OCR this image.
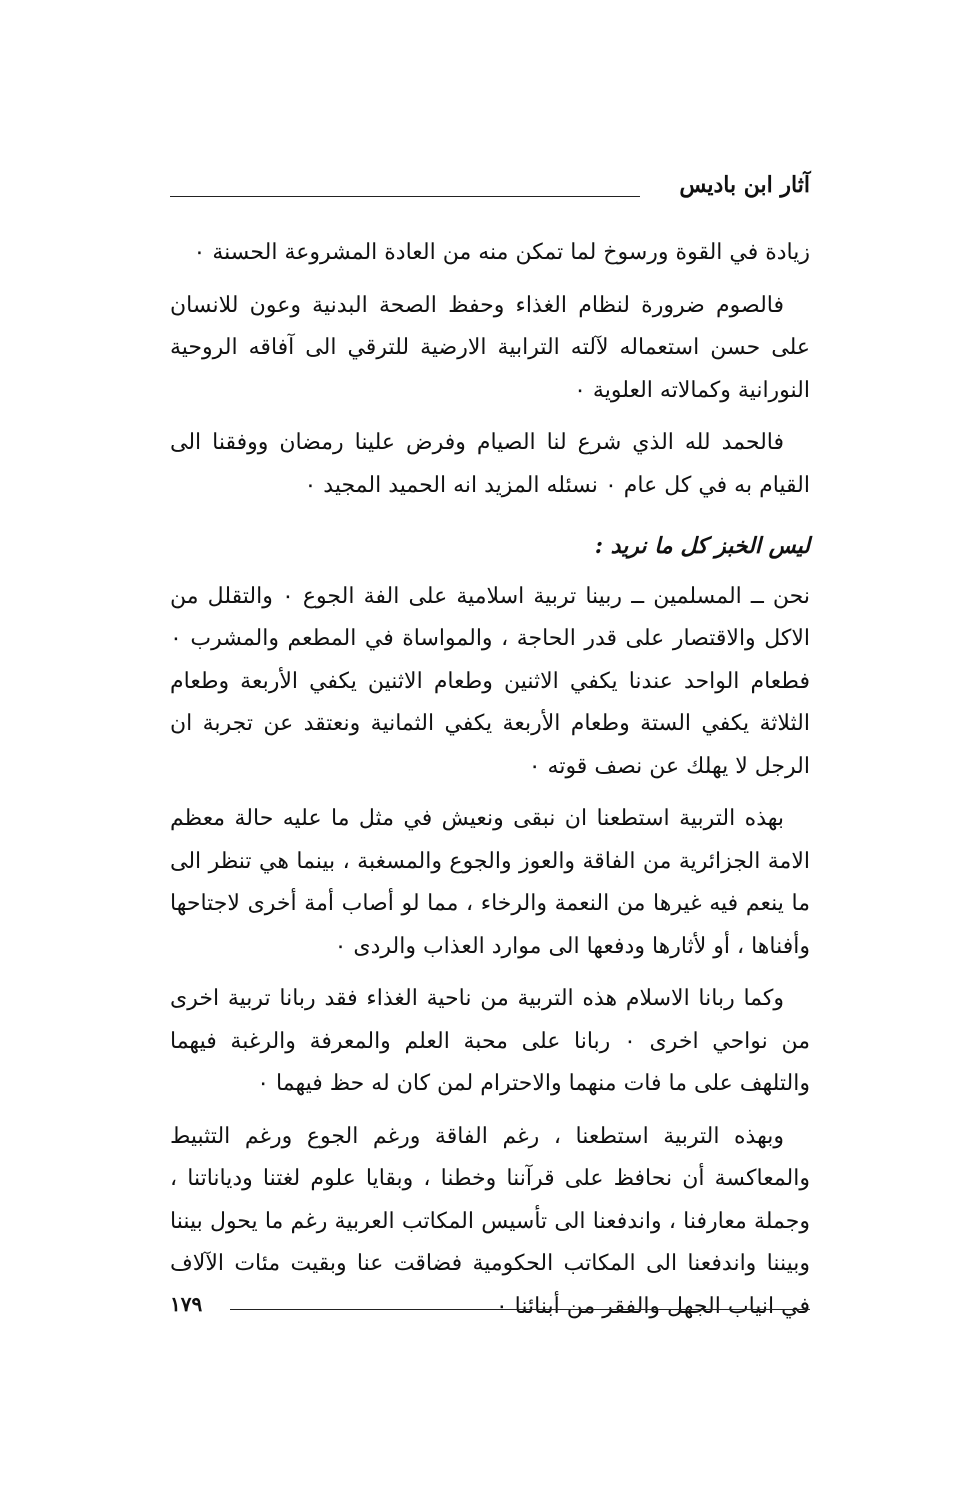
آثار ابن باديس

زيادة في القوة ورسوخ لما تمكن منه من العادة المشروعة الحسنة ٠

فالصوم ضرورة لنظام الغذاء وحفظ الصحة البدنية وعون للانسان على حسن استعماله لآلته الترابية الارضية للترقي الى آفاقه الروحية النورانية وكمالاته العلوية ٠

فالحمد لله الذي شرع لنا الصيام وفرض علينا رمضان ووفقنا الى القيام به في كل عام ٠ نسئله المزيد انه الحميد المجيد ٠

ليس الخبز كل ما نريد :

نحن ــ المسلمين ــ ربينا تربية اسلامية على الفة الجوع ٠ والتقلل من الاكل والاقتصار على قدر الحاجة ، والمواساة في المطعم والمشرب ٠ فطعام الواحد عندنا يكفي الاثنين وطعام الاثنين يكفي الأربعة وطعام الثلاثة يكفي الستة وطعام الأربعة يكفي الثمانية ونعتقد عن تجربة ان الرجل لا يهلك عن نصف قوته ٠

بهذه التربية استطعنا ان نبقى ونعيش في مثل ما عليه حالة معظم الامة الجزائرية من الفاقة والعوز والجوع والمسغبة ، بينما هي تنظر الى ما ينعم فيه غيرها من النعمة والرخاء ، مما لو أصاب أمة أخرى لاجتاحها وأفناها ، أو لأثارها ودفعها الى موارد العذاب والردى ٠

وكما ربانا الاسلام هذه التربية من ناحية الغذاء فقد ربانا تربية اخرى من نواحي اخرى ٠ ربانا على محبة العلم والمعرفة والرغبة فيهما والتلهف على ما فات منهما والاحترام لمن كان له حظ فيهما ٠

وبهذه التربية استطعنا ، رغم الفاقة ورغم الجوع ورغم التثبيط والمعاكسة أن نحافظ على قرآننا وخطنا ، وبقايا علوم لغتنا ودياناتنا ، وجملة معارفنا ، واندفعنا الى تأسيس المكاتب العربية رغم ما يحول بيننا وبيننا واندفعنا الى المكاتب الحكومية فضاقت عنا وبقيت مئات الآلاف في انياب الجهل والفقر من أبنائنا ٠

١٧٩
